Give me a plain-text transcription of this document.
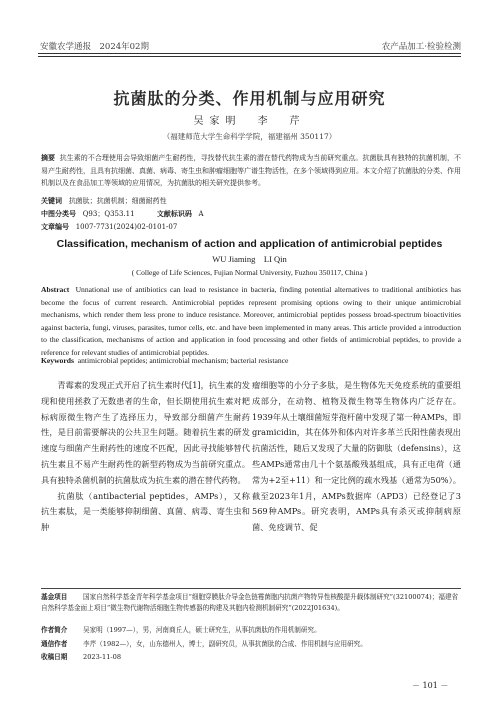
安徽农学通报　2024年02期	农产品加工·检验检测
抗菌肽的分类、作用机制与应用研究
吴家明　李　芹
（福建师范大学生命科学学院，福建福州 350117）
摘要 抗生素的不合理使用会导致细菌产生耐药性，寻找替代抗生素的潜在替代药物成为当前研究重点。抗菌肽具有独特的抗菌机制，不易产生耐药性，且具有抗细菌、真菌、病毒、寄生虫和肿瘤细胞等广谱生物活性，在多个领域得到应用。本文介绍了抗菌肽的分类、作用机制以及在食品加工等领域的应用情况，为抗菌肽的相关研究提供参考。
关键词 抗菌肽；抗菌机制；细菌耐药性
中图分类号 Q93；Q353.11	文献标识码 A
文章编号 1007-7731(2024)02-0101-07
Classification, mechanism of action and application of antimicrobial peptides
WU Jiaming　LI Qin
( College of Life Sciences, Fujian Normal University, Fuzhou 350117, China )
Abstract Unnational use of antibiotics can lead to resistance in bacteria, finding potential alternatives to traditional antibiotics has become the focus of current research. Antimicrobial peptides represent promising options owing to their unique antimicrobial mechanisms, which render them less prone to induce resistance. Moreover, antimicrobial peptides possess broad-spectrum bioactivities against bacteria, fungi, viruses, parasites, tumor cells, etc. and have been implemented in many areas. This article provided a introduction to the classification, mechanisms of action and application in food processing and other fields of antimicrobial peptides, to provide a reference for relevant studies of antimicrobial peptides.
Keywords antimicrobial peptides; antimicrobial mechanism; bacterial resistance

青霉素的发现正式开启了抗生素时代[1]，抗生素的发现和使用拯救了无数患者的生命，但长期使用抗生素对耙标病原微生物产生了选择压力，导致部分细菌产生耐药性，是目前需要解决的公共卫生问题。随着抗生素的研发速度与细菌产生耐药性的速度不匹配，因此寻找能够替代抗生素且不易产生耐药性的新型药物成为当前研究重点。具有独特杀菌机制的抗菌肽成为抗生素的潜在替代药物。

抗菌肽（antibacterial peptides，AMPs），又称抗生素肽，是一类能够抑制细菌、真菌、病毒、寄生虫和肿

瘤细胞等的小分子多肽，是生物体先天免疫系统的重要组成部分，在动物、植物及微生物等生物体内广泛存在。1939年从土壤细菌短芽孢杆菌中发现了第一种AMPs，即gramicidin，其在体外和体内对许多革兰氏阳性菌表现出抗菌活性，随后又发现了大量的防御肽（defensins），这些AMPs通常由几十个氨基酸残基组成，具有正电荷（通常为+2至+11）和一定比例的疏水残基（通常为50%）。截至2023年1月，AMPs数据库（APD3）已经登记了3 569种AMPs。研究表明，AMPs具有杀灭或抑制病原菌、免疫调节、促

基金项目 国家自然科学基金青年科学基金项目“细胞穿膜肽介导金色链霉菌胞内抗菌产物特异性核酸提升载体制研究”(32100074)；福建省自然科学基金面上项目“微生物代谢物活细胞生物传感器的构建及其胞内检测机制研究”(2022J01634)。
作者简介 吴家明（1997—），男，河南商丘人，硕士研究生，从事抗菌肽的作用机制研究。
通信作者 李芹（1982—），女，山东德州人，博士，副研究员，从事抗菌肽的合成、作用机制与应用研究。
收稿日期 2023-11-08
－ 101 －
